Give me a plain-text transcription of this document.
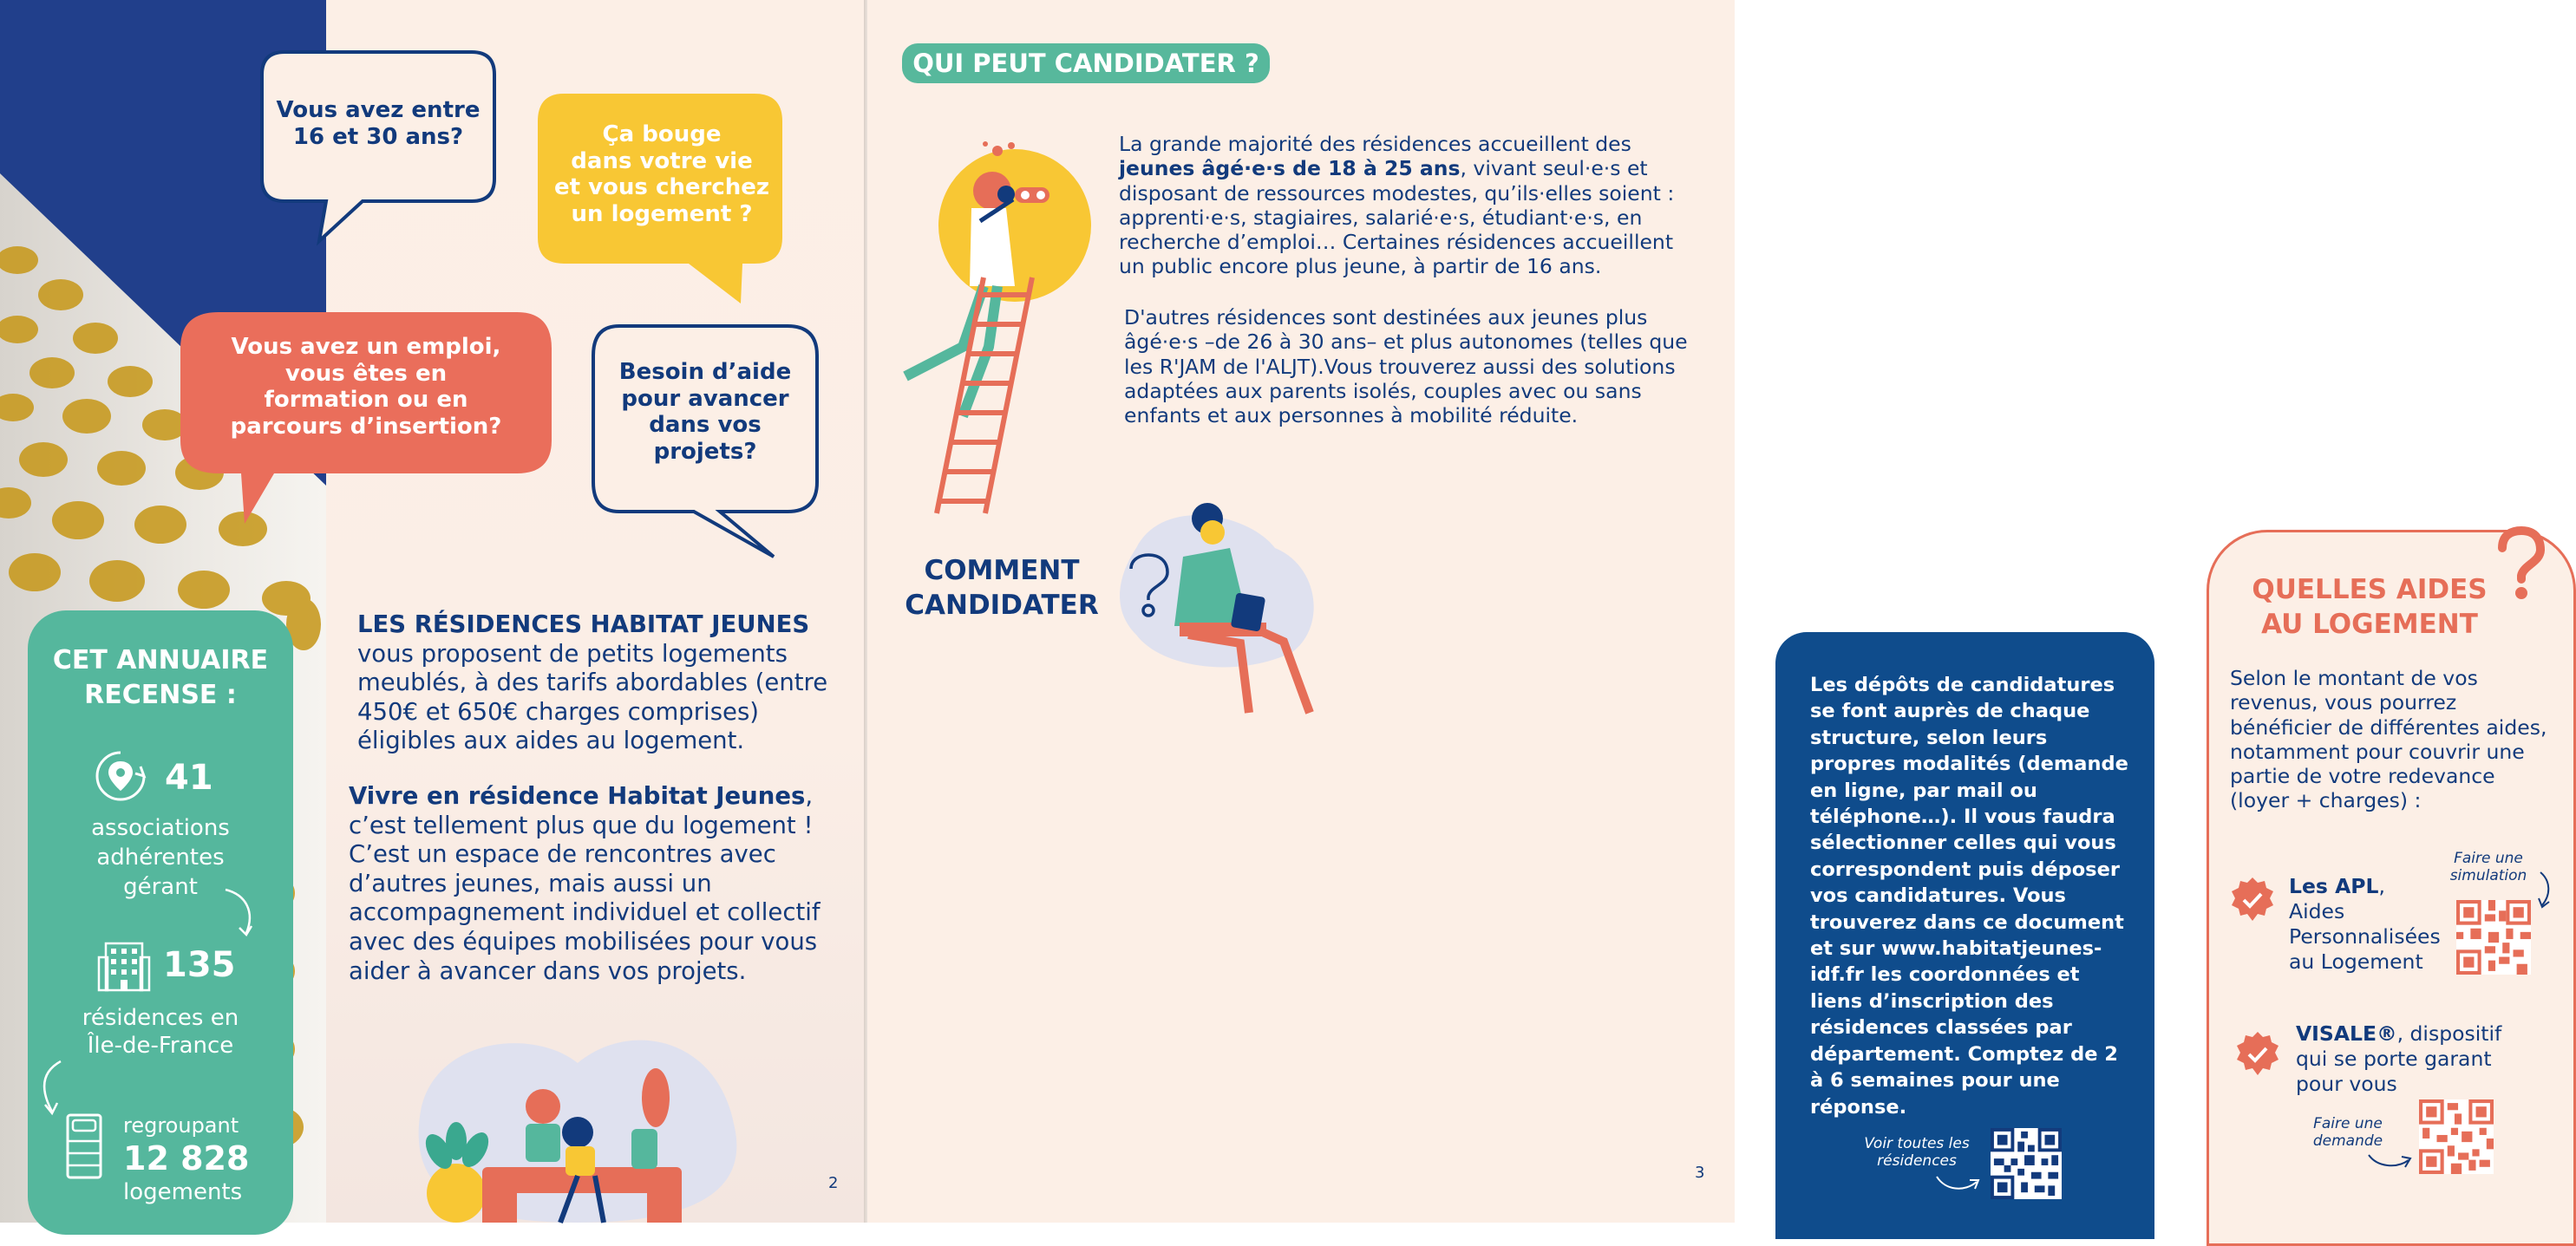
Vous avez entre
16 et 30 ans?	Ça bouge
dans votre vie
et vous cherchez
un logement ?
Vous avez un emploi,
vous êtes en
formation ou en
parcours d’insertion?
Besoin d’aide
pour avancer
dans vos
projets?
CET ANNUAIRE
RECENSE :
41
associations
adhérentes
gérant
135
résidences en
Île-de-France
regroupant
12 828
logements
LES RÉSIDENCES HABITAT JEUNES vous proposent de petits logements meublés, à des tarifs abordables (entre 450€ et 650€ charges comprises) éligibles aux aides au logement.
Vivre en résidence Habitat Jeunes, c’est tellement plus que du logement ! C’est un espace de rencontres avec d’autres jeunes, mais aussi un accompagnement individuel et collectif avec des équipes mobilisées pour vous aider à avancer dans vos projets.
2
QUI PEUT CANDIDATER ?
La grande majorité des résidences accueillent des jeunes âgé·e·s de 18 à 25 ans, vivant seul·e·s et disposant de ressources modestes, qu’ils·elles soient : apprenti·e·s, stagiaires, salarié·e·s, étudiant·e·s, en recherche d’emploi… Certaines résidences accueillent un public encore plus jeune, à partir de 16 ans.
D'autres résidences sont destinées aux jeunes plus âgé·e·s –de 26 à 30 ans– et plus autonomes (telles que les R'JAM de l'ALJT).Vous trouverez aussi des solutions adaptées aux parents isolés, couples avec ou sans enfants et aux personnes à mobilité réduite.
COMMENT
CANDIDATER
Les dépôts de candidatures se font auprès de chaque structure, selon leurs propres modalités (demande en ligne, par mail ou téléphone…). Il vous faudra sélectionner celles qui vous correspondent puis déposer vos candidatures. Vous trouverez dans ce document et sur www.habitatjeunes-idf.fr les coordonnées et liens d’inscription des résidences classées par département. Comptez de 2 à 6 semaines pour une réponse.
Voir toutes les
résidences
QUELLES AIDES
AU LOGEMENT
Selon le montant de vos revenus, vous pourrez bénéficier de différentes aides, notamment pour couvrir une partie de votre redevance (loyer + charges) :
Les APL, Aides Personnalisées au Logement
Faire une
simulation
VISALE®, dispositif qui se porte garant pour vous
Faire une
demande
3
